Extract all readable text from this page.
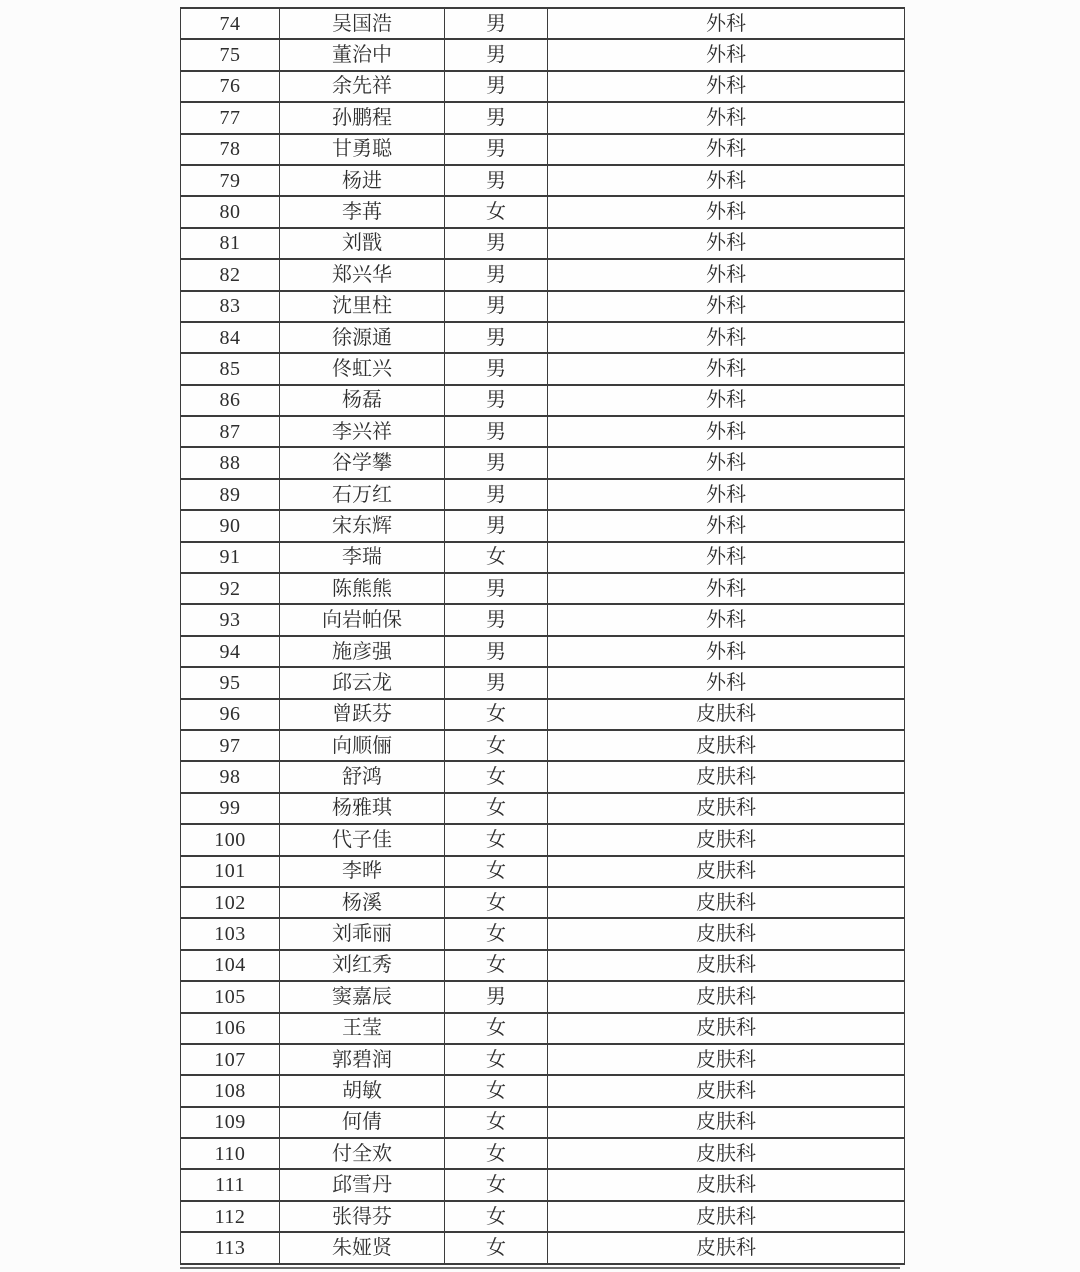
74	吴国浩	男	外科
75	董治中	男	外科
76	余先祥	男	外科
77	孙鹏程	男	外科
78	甘勇聪	男	外科
79	杨进	男	外科
80	李苒	女	外科
81	刘戬	男	外科
82	郑兴华	男	外科
83	沈里柱	男	外科
84	徐源通	男	外科
85	佟虹兴	男	外科
86	杨磊	男	外科
87	李兴祥	男	外科
88	谷学攀	男	外科
89	石万红	男	外科
90	宋东辉	男	外科
91	李瑞	女	外科
92	陈熊熊	男	外科
93	向岩帕保	男	外科
94	施彦强	男	外科
95	邱云龙	男	外科
96	曾跃芬	女	皮肤科
97	向顺俪	女	皮肤科
98	舒鸿	女	皮肤科
99	杨雅琪	女	皮肤科
100	代子佳	女	皮肤科
101	李晔	女	皮肤科
102	杨溪	女	皮肤科
103	刘乖丽	女	皮肤科
104	刘红秀	女	皮肤科
105	窦嘉辰	男	皮肤科
106	王莹	女	皮肤科
107	郭碧润	女	皮肤科
108	胡敏	女	皮肤科
109	何倩	女	皮肤科
110	付全欢	女	皮肤科
111	邱雪丹	女	皮肤科
112	张得芬	女	皮肤科
113	朱娅贤	女	皮肤科
